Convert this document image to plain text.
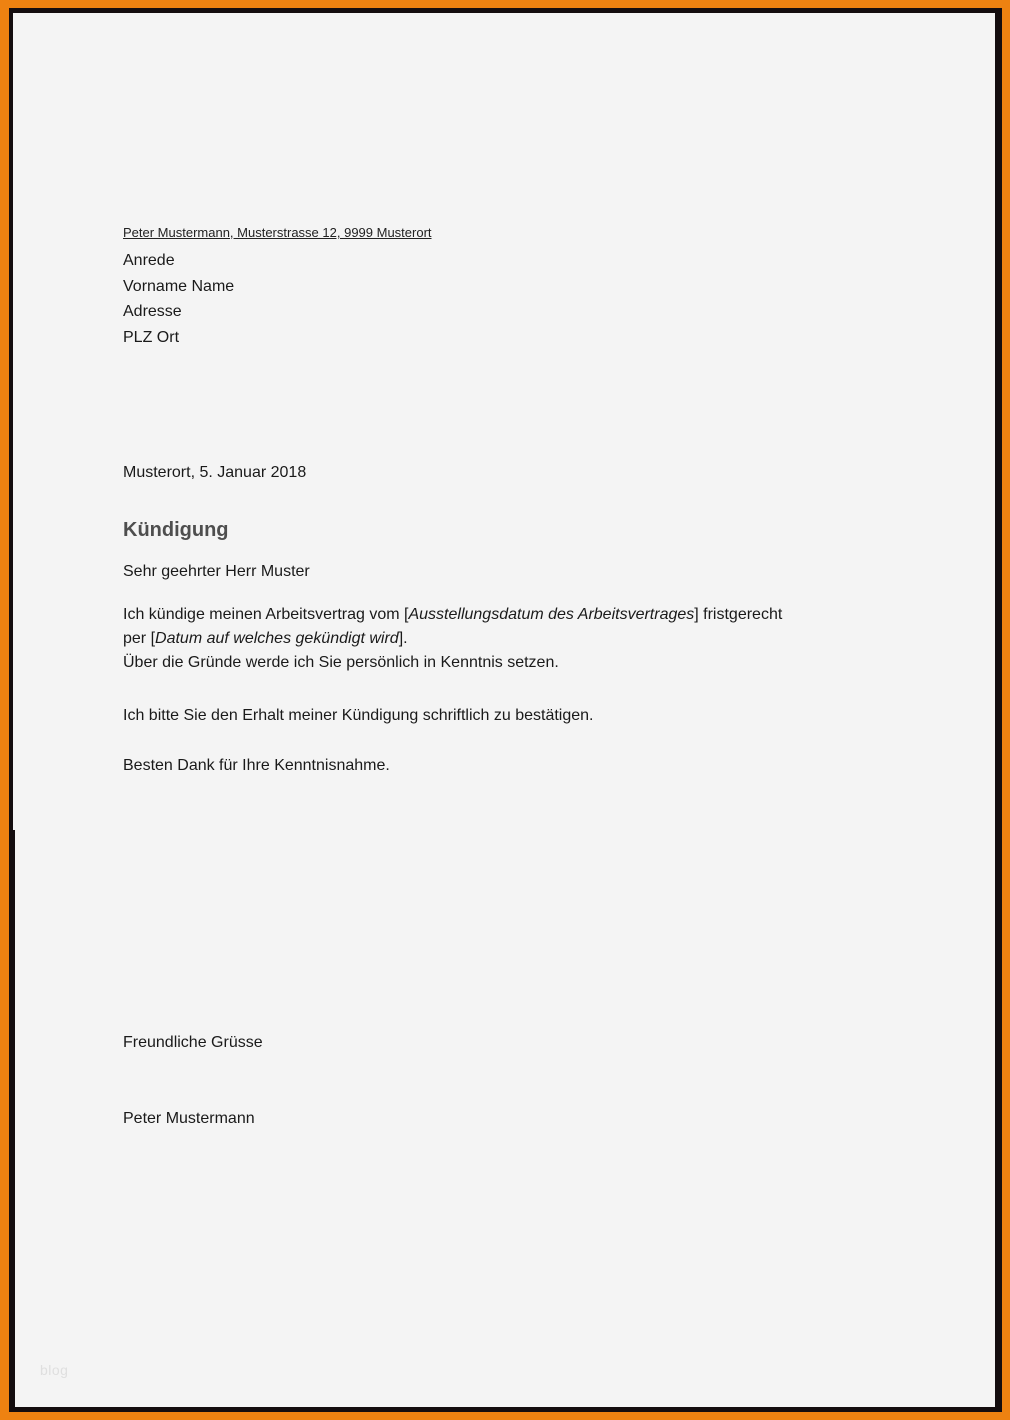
Peter Mustermann, Musterstrasse 12, 9999 Musterort

Anrede
Vorname Name
Adresse
PLZ Ort

Musterort, 5. Januar 2018

Kündigung

Sehr geehrter Herr Muster

Ich kündige meinen Arbeitsvertrag vom [Ausstellungsdatum des Arbeitsvertrages] fristgerecht
per [Datum auf welches gekündigt wird].
Über die Gründe werde ich Sie persönlich in Kenntnis setzen.

Ich bitte Sie den Erhalt meiner Kündigung schriftlich zu bestätigen.

Besten Dank für Ihre Kenntnisnahme.

Freundliche Grüsse

Peter Mustermann

blog
